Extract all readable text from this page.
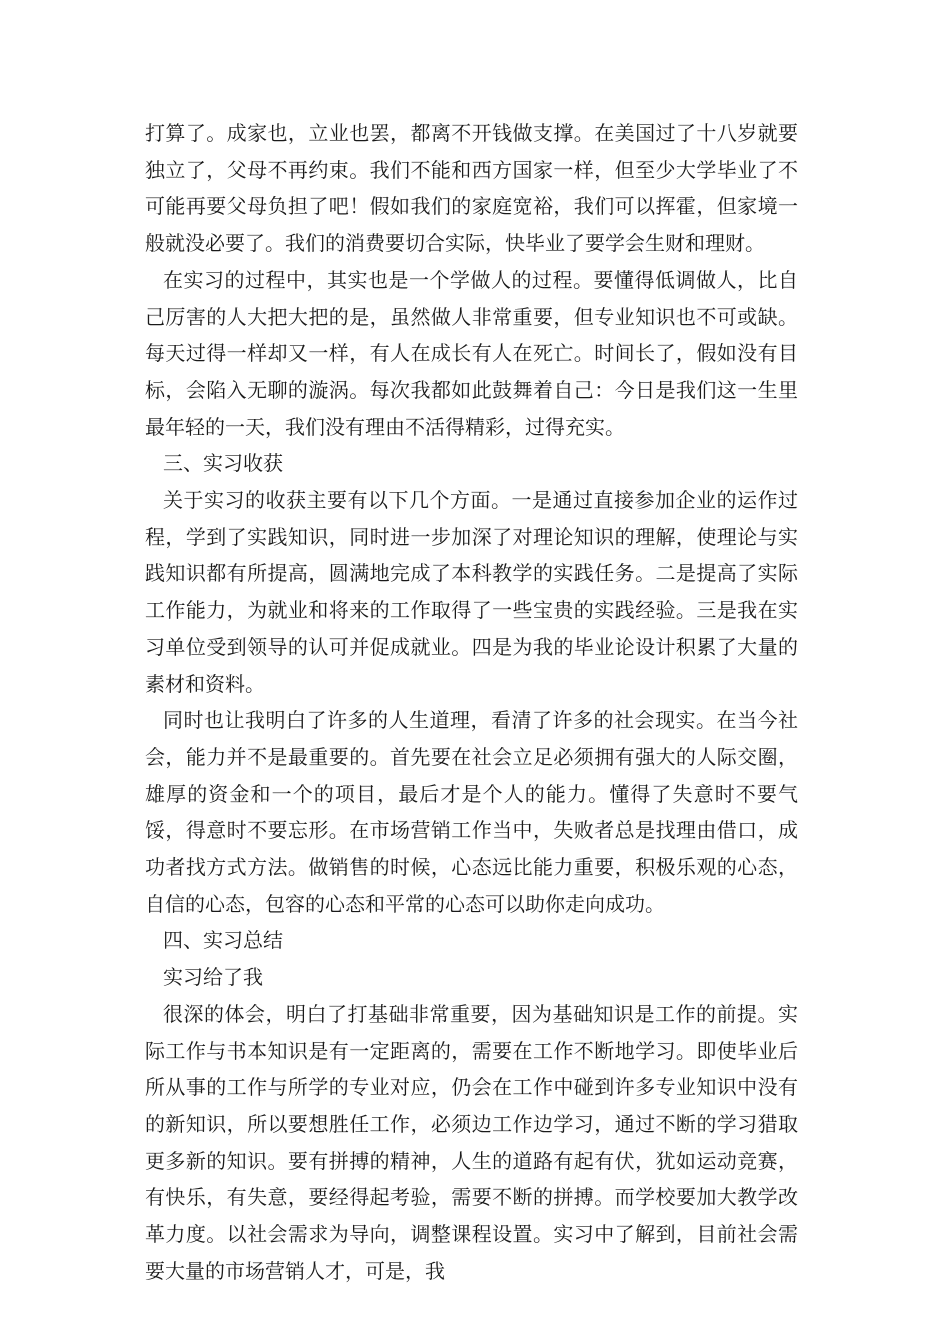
打算了。成家也，立业也罢，都离不开钱做支撑。在美国过了十八岁就要独立了，父母不再约束。我们不能和西方国家一样，但至少大学毕业了不可能再要父母负担了吧！假如我们的家庭宽裕，我们可以挥霍，但家境一般就没必要了。我们的消费要切合实际，快毕业了要学会生财和理财。

在实习的过程中，其实也是一个学做人的过程。要懂得低调做人，比自己厉害的人大把大把的是，虽然做人非常重要，但专业知识也不可或缺。每天过得一样却又一样，有人在成长有人在死亡。时间长了，假如没有目标，会陷入无聊的漩涡。每次我都如此鼓舞着自己：今日是我们这一生里最年轻的一天，我们没有理由不活得精彩，过得充实。

三、实习收获

关于实习的收获主要有以下几个方面。一是通过直接参加企业的运作过程，学到了实践知识，同时进一步加深了对理论知识的理解，使理论与实践知识都有所提高，圆满地完成了本科教学的实践任务。二是提高了实际工作能力，为就业和将来的工作取得了一些宝贵的实践经验。三是我在实习单位受到领导的认可并促成就业。四是为我的毕业论设计积累了大量的素材和资料。

同时也让我明白了许多的人生道理，看清了许多的社会现实。在当今社会，能力并不是最重要的。首先要在社会立足必须拥有强大的人际交圈，雄厚的资金和一个的项目，最后才是个人的能力。懂得了失意时不要气馁，得意时不要忘形。在市场营销工作当中，失败者总是找理由借口，成功者找方式方法。做销售的时候，心态远比能力重要，积极乐观的心态，自信的心态，包容的心态和平常的心态可以助你走向成功。

四、实习总结

实习给了我

很深的体会，明白了打基础非常重要，因为基础知识是工作的前提。实际工作与书本知识是有一定距离的，需要在工作不断地学习。即使毕业后所从事的工作与所学的专业对应，仍会在工作中碰到许多专业知识中没有的新知识，所以要想胜任工作，必须边工作边学习，通过不断的学习猎取更多新的知识。要有拼搏的精神，人生的道路有起有伏，犹如运动竞赛，有快乐，有失意，要经得起考验，需要不断的拼搏。而学校要加大教学改革力度。以社会需求为导向，调整课程设置。实习中了解到，目前社会需要大量的市场营销人才，可是，我
